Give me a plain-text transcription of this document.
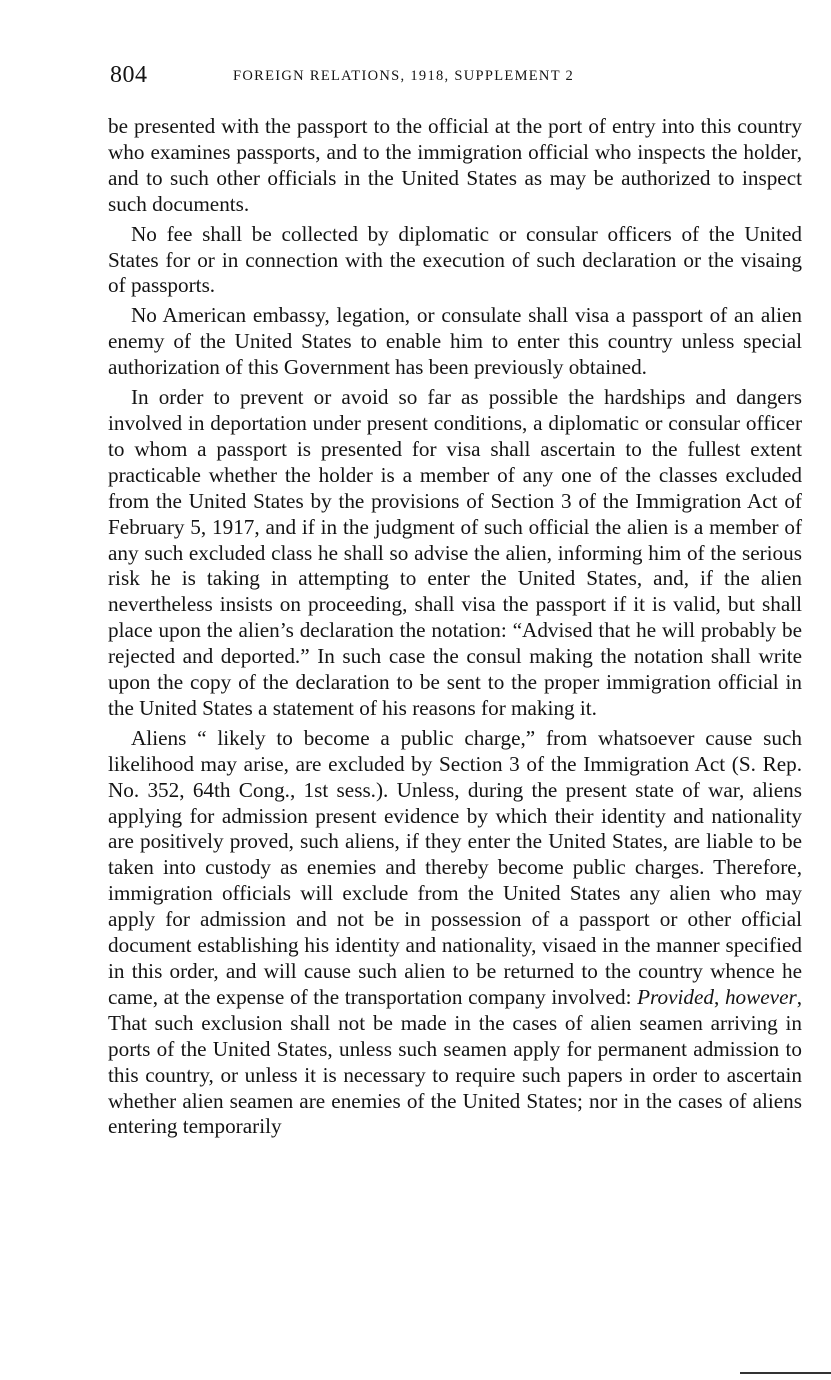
804	FOREIGN RELATIONS, 1918, SUPPLEMENT 2

be presented with the passport to the official at the port of entry into this country who examines passports, and to the immigration official who inspects the holder, and to such other officials in the United States as may be authorized to inspect such documents.

No fee shall be collected by diplomatic or consular officers of the United States for or in connection with the execution of such declaration or the visaing of passports.

No American embassy, legation, or consulate shall visa a passport of an alien enemy of the United States to enable him to enter this country unless special authorization of this Government has been previously obtained.

In order to prevent or avoid so far as possible the hardships and dangers involved in deportation under present conditions, a diplomatic or consular officer to whom a passport is presented for visa shall ascertain to the fullest extent practicable whether the holder is a member of any one of the classes excluded from the United States by the provisions of Section 3 of the Immigration Act of February 5, 1917, and if in the judgment of such official the alien is a member of any such excluded class he shall so advise the alien, informing him of the serious risk he is taking in attempting to enter the United States, and, if the alien nevertheless insists on proceeding, shall visa the passport if it is valid, but shall place upon the alien’s declaration the notation: “Advised that he will probably be rejected and deported.” In such case the consul making the notation shall write upon the copy of the declaration to be sent to the proper immigration official in the United States a statement of his reasons for making it.

Aliens “ likely to become a public charge,” from whatsoever cause such likelihood may arise, are excluded by Section 3 of the Immigration Act (S. Rep. No. 352, 64th Cong., 1st sess.). Unless, during the present state of war, aliens applying for admission present evidence by which their identity and nationality are positively proved, such aliens, if they enter the United States, are liable to be taken into custody as enemies and thereby become public charges. Therefore, immigration officials will exclude from the United States any alien who may apply for admission and not be in possession of a passport or other official document establishing his identity and nationality, visaed in the manner specified in this order, and will cause such alien to be returned to the country whence he came, at the expense of the transportation company involved: Provided, however, That such exclusion shall not be made in the cases of alien seamen arriving in ports of the United States, unless such seamen apply for permanent admission to this country, or unless it is necessary to require such papers in order to ascertain whether alien seamen are enemies of the United States; nor in the cases of aliens entering temporarily
